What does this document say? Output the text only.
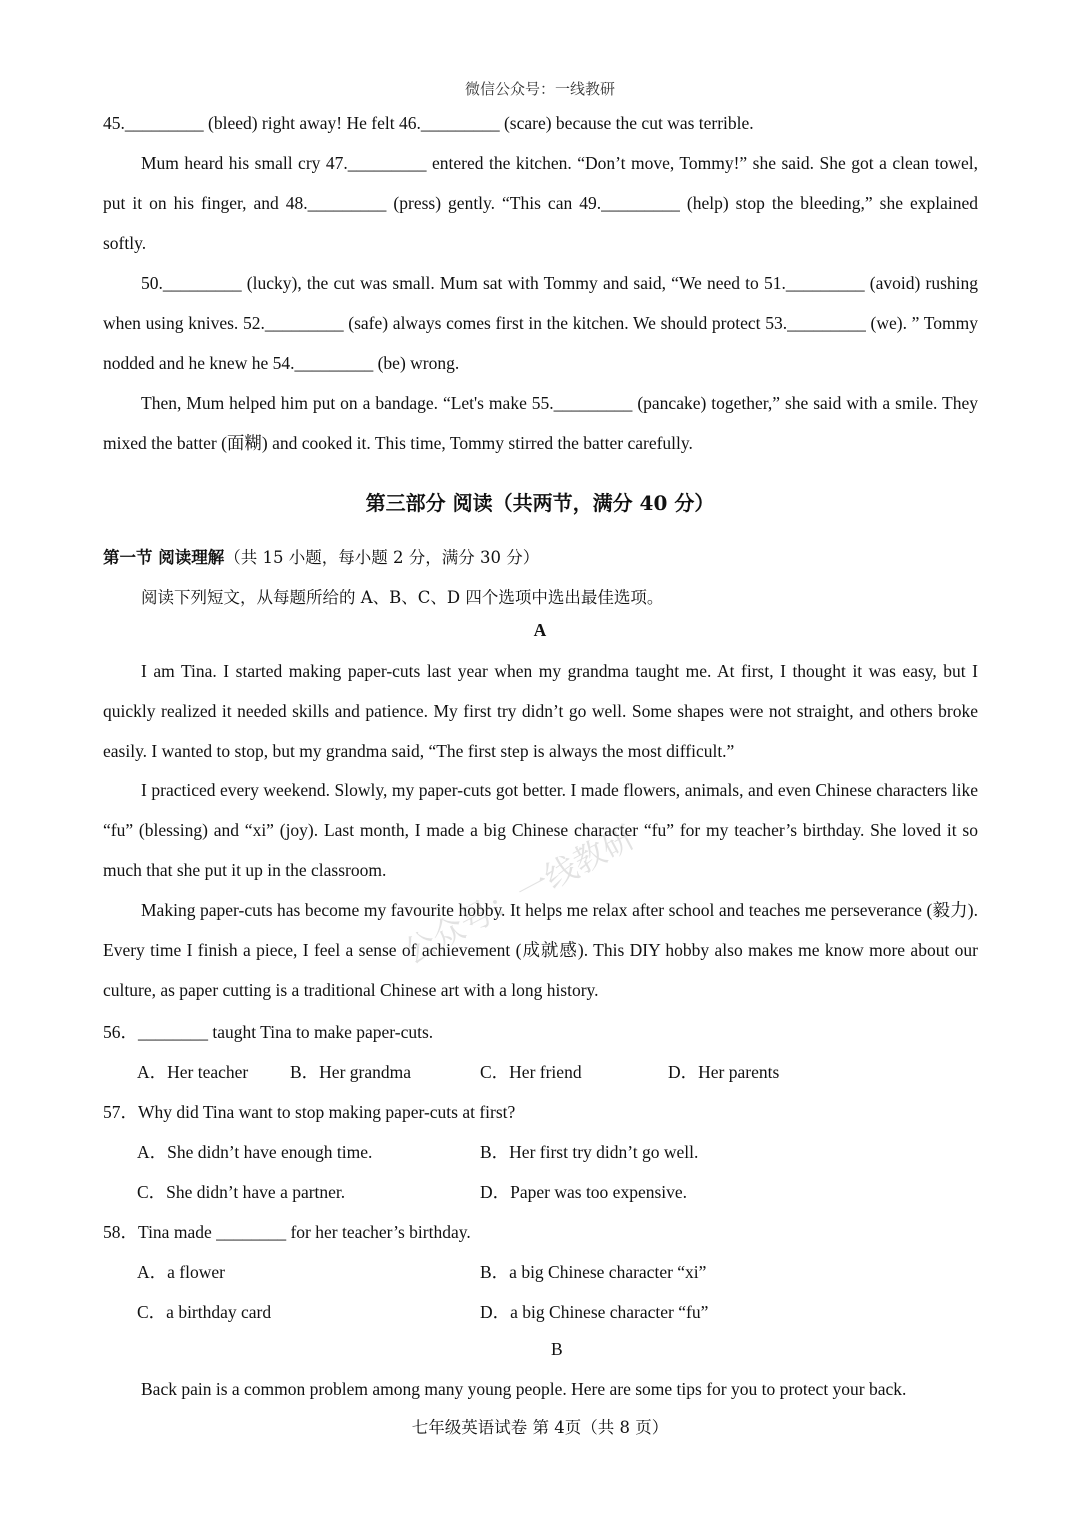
微信公众号：一线教研
45._________ (bleed) right away! He felt 46._________ (scare) because the cut was terrible.
Mum heard his small cry 47._________ entered the kitchen. “Don’t move, Tommy!” she said. She got a clean towel, put it on his finger, and 48._________ (press) gently. “This can 49._________ (help) stop the bleeding,” she explained softly.
50._________ (lucky), the cut was small. Mum sat with Tommy and said, “We need to 51._________ (avoid) rushing when using knives. 52._________ (safe) always comes first in the kitchen. We should protect 53._________ (we). ” Tommy nodded and he knew he 54._________ (be) wrong.
Then, Mum helped him put on a bandage. “Let's make 55._________ (pancake) together,” she said with a smile. They mixed the batter (面糊) and cooked it. This time, Tommy stirred the batter carefully.
第三部分 阅读（共两节，满分 40 分）
第一节 阅读理解（共 15 小题，每小题 2 分，满分 30 分）
阅读下列短文，从每题所给的 A、B、C、D 四个选项中选出最佳选项。
A
I am Tina. I started making paper-cuts last year when my grandma taught me. At first, I thought it was easy, but I quickly realized it needed skills and patience. My first try didn’t go well. Some shapes were not straight, and others broke easily. I wanted to stop, but my grandma said, “The first step is always the most difficult.”
I practiced every weekend. Slowly, my paper-cuts got better. I made flowers, animals, and even Chinese characters like “fu” (blessing) and “xi” (joy). Last month, I made a big Chinese character “fu” for my teacher’s birthday. She loved it so much that she put it up in the classroom.
Making paper-cuts has become my favourite hobby. It helps me relax after school and teaches me perseverance (毅力). Every time I finish a piece, I feel a sense of achievement (成就感). This DIY hobby also makes me know more about our culture, as paper cutting is a traditional Chinese art with a long history.
公众号：一线教研
56．________ taught Tina to make paper-cuts.
A．Her teacher B．Her grandma	C．Her friend	D．Her parents
57．Why did Tina want to stop making paper-cuts at first?
A．She didn’t have enough time.	B．Her first try didn’t go well.
C．She didn’t have a partner.	D．Paper was too expensive.
58．Tina made ________ for her teacher’s birthday.
A．a flower	B．a big Chinese character “xi”
C．a birthday card	D．a big Chinese character “fu”
B
Back pain is a common problem among many young people. Here are some tips for you to protect your back.
七年级英语试卷 第 4页（共 8 页）
